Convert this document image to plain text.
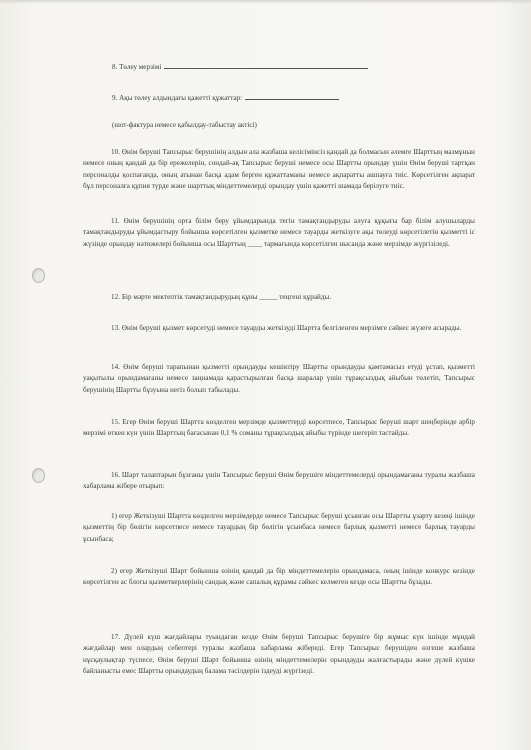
8. Төлеу мерзімі
9. Ақы төлеу алдындағы қажетті құжаттар:
(шот-фактура немесе қабылдау-табыстау актісі)

10. Өнім беруші Тапсырыс берушінің алдын ала жазбаша келісімінсіз қандай да болмасын әлемге Шарттың мазмұнын немесе оның қандай да бір ережелерін, сондай-ақ Тапсырыс беруші немесе осы Шартты орындау үшін Өнім беруші тартқан персоналды қоспағанда, оның атынан басқа адам берген құжаттаманы немесе ақпаратты ашпауға тиіс. Көрсетілген ақпарат бұл персоналға құпия түрде және шарттық міндеттемелерді орындау үшін қажетті шамада берілуге тиіс.

11. Өнім берушінің орта білім беру ұйымдарында тегін тамақтандыруды алуға құқығы бар білім алушыларды тамақтандыруды ұйымдастыру бойынша көрсетілген қызметке немесе тауарды жеткізуге ақы төлеуді көрсетілетін қызметті іс жүзінде орындау нәтижелері бойынша осы Шарттың ____ тармағында көрсетілген нысанда және мерзімде жүргізіледі.

12. Бір мәрте мектептік тамақтандырудың құны _____ теңгені құрайды.

13. Өнім беруші қызмет көрсетуді немесе тауарды жеткізуді Шартта белгіленген мерзімге сәйкес жүзеге асырады.

14. Өнім беруші тарапынан қызметті орындауды кешіктіру Шартты орындауды қамтамасыз етуді ұстап, қызметті уақытылы орындамағаны немесе заңнамада қарастырылған басқа шаралар үшін тұрақсыздық айыбын төлетіп, Тапсырыс берушінің Шартты бұзуына негіз болып табылады.

15. Егер Өнім беруші Шартта көзделген мерзімде қызметтерді көрсетпесе, Тапсырыс беруші шарт шеңберінде әрбір мерзімі өткен күн үшін Шарттың бағасынан 0,1 % соманы тұрақсыздық айыбы түрінде шегеріп тастайды.

16. Шарт талаптарын бұзғаны үшін Тапсырыс беруші Өнім берушіге міндеттемелерді орындамағаны туралы жазбаша хабарлама жібере отырып:

1) егер Жеткізуші Шартта көзделген мерзімдерде немесе Тапсырыс беруші ұсынған осы Шартты ұзарту кезеңі ішінде қызметтің бір бөлігін көрсетпесе немесе тауардың бір бөлігін ұсынбаса немесе барлық қызметті немесе барлық тауарды ұсынбаса;

2) егер Жеткізуші Шарт бойынша өзінің қандай да бір міндеттемелерін орындамаса, оның ішінде конкурс кезінде көрсетілген ас блогы қызметкерлерінің сандық және сапалық құрамы сәйкес келмеген кезде осы Шартты бұзады.

17. Дүлей күш жағдайлары туындаған кезде Өнім беруші Тапсырыс берушіге бір жұмыс күн ішінде мұндай жағдайлар мен олардың себептері туралы жазбаша хабарлама жібереді. Егер Тапсырыс берушіден өзгеше жазбаша нұсқаулықтар түспесе, Өнім беруші Шарт бойынша өзінің міндеттемелерін орындауды жалғастырады және дүлей күшке байланысты емес Шартты орындаудың балама тәсілдерін іздеуді жүргізеді.
